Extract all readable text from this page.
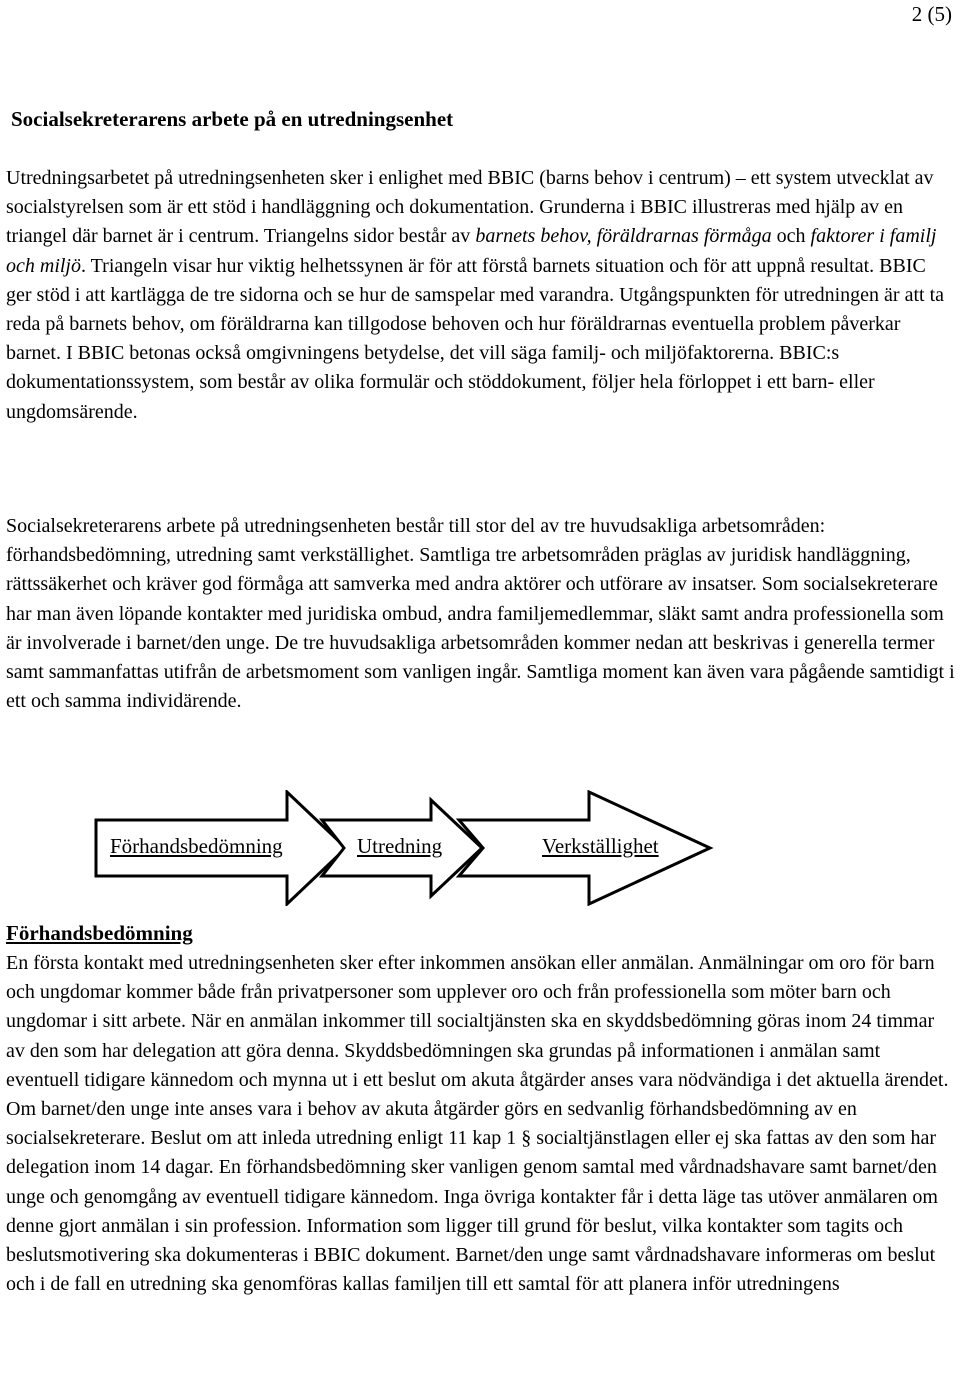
2 (5)
Socialsekreterarens arbete på en utredningsenhet

Utredningsarbetet på utredningsenheten sker i enlighet med BBIC (barns behov i centrum) – ett system utvecklat av socialstyrelsen som är ett stöd i handläggning och dokumentation. Grunderna i BBIC illustreras med hjälp av en triangel där barnet är i centrum. Triangelns sidor består av barnets behov, föräldrarnas förmåga och faktorer i familj och miljö. Triangeln visar hur viktig helhetssynen är för att förstå barnets situation och för att uppnå resultat. BBIC ger stöd i att kartlägga de tre sidorna och se hur de samspelar med varandra. Utgångspunkten för utredningen är att ta reda på barnets behov, om föräldrarna kan tillgodose behoven och hur föräldrarnas eventuella problem påverkar barnet. I BBIC betonas också omgivningens betydelse, det vill säga familj- och miljöfaktorerna. BBIC:s dokumentationssystem, som består av olika formulär och stöddokument, följer hela förloppet i ett barn- eller ungdomsärende.

Socialsekreterarens arbete på utredningsenheten består till stor del av tre huvudsakliga arbetsområden: förhandsbedömning, utredning samt verkställighet. Samtliga tre arbetsområden präglas av juridisk handläggning, rättssäkerhet och kräver god förmåga att samverka med andra aktörer och utförare av insatser. Som socialsekreterare har man även löpande kontakter med juridiska ombud, andra familjemedlemmar, släkt samt andra professionella som är involverade i barnet/den unge. De tre huvudsakliga arbetsområden kommer nedan att beskrivas i generella termer samt sammanfattas utifrån de arbetsmoment som vanligen ingår. Samtliga moment kan även vara pågående samtidigt i ett och samma individärende.

Förhandsbedömning	Utredning	Verkställighet
Förhandsbedömning

En första kontakt med utredningsenheten sker efter inkommen ansökan eller anmälan. Anmälningar om oro för barn och ungdomar kommer både från privatpersoner som upplever oro och från professionella som möter barn och ungdomar i sitt arbete. När en anmälan inkommer till socialtjänsten ska en skyddsbedömning göras inom 24 timmar av den som har delegation att göra denna. Skyddsbedömningen ska grundas på informationen i anmälan samt eventuell tidigare kännedom och mynna ut i ett beslut om akuta åtgärder anses vara nödvändiga i det aktuella ärendet. Om barnet/den unge inte anses vara i behov av akuta åtgärder görs en sedvanlig förhandsbedömning av en socialsekreterare. Beslut om att inleda utredning enligt 11 kap 1 § socialtjänstlagen eller ej ska fattas av den som har delegation inom 14 dagar. En förhandsbedömning sker vanligen genom samtal med vårdnadshavare samt barnet/den unge och genomgång av eventuell tidigare kännedom. Inga övriga kontakter får i detta läge tas utöver anmälaren om denne gjort anmälan i sin profession. Information som ligger till grund för beslut, vilka kontakter som tagits och beslutsmotivering ska dokumenteras i BBIC dokument. Barnet/den unge samt vårdnadshavare informeras om beslut och i de fall en utredning ska genomföras kallas familjen till ett samtal för att planera inför utredningens
